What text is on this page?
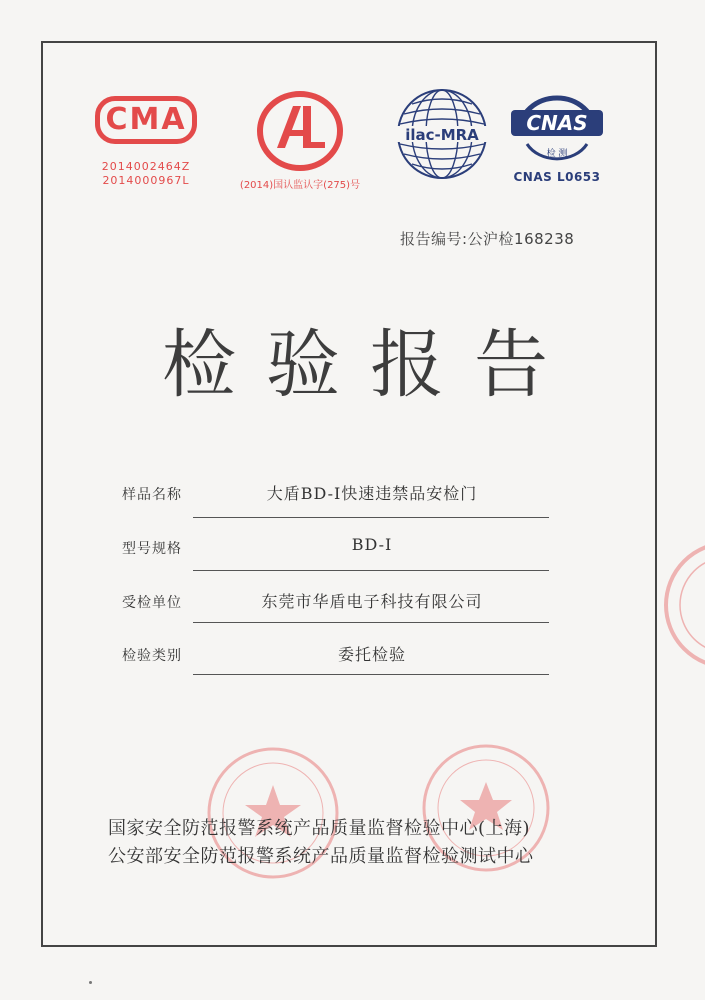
CMA
2014002464Z
2014000967L	(2014)国认监认字(275)号
ilac-MRA CNAS
检 测
CNAS L0653
报告编号:公沪检168238
检验报告
样品名称	大盾BD-Ⅰ快速违禁品安检门
型号规格	BD-Ⅰ
受检单位	东莞市华盾电子科技有限公司
检验类别	委托检验
国家安全防范报警系统产品质量监督检验中心(上海)
公安部安全防范报警系统产品质量监督检验测试中心
